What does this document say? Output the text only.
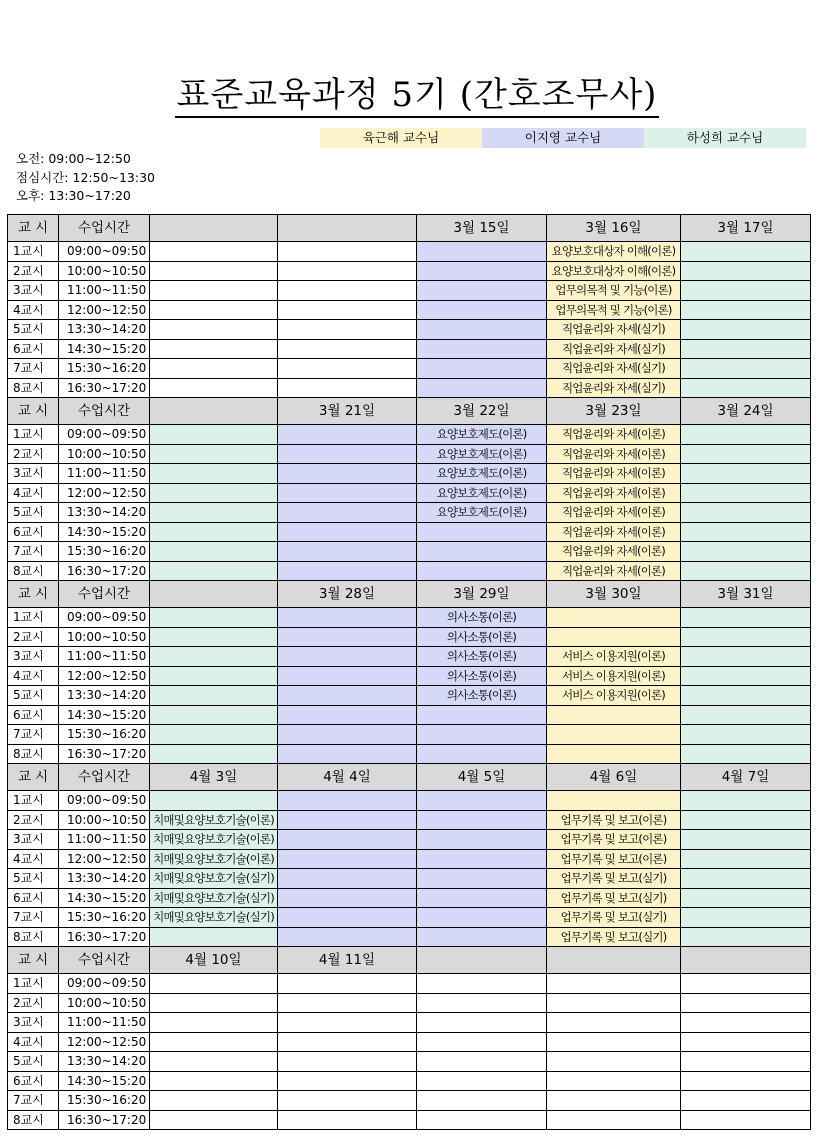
표준교육과정 5기 (간호조무사)
육근해 교수님	이지영 교수님	하성희 교수님
오전: 09:00~12:50
점심시간: 12:50~13:30
오후: 13:30~17:20
교 시	수업시간			3월 15일	3월 16일	3월 17일
1교시	09:00~09:50				요양보호대상자 이해(이론)	
2교시	10:00~10:50				요양보호대상자 이해(이론)	
3교시	11:00~11:50				업무의목적 및 기능(이론)	
4교시	12:00~12:50				업무의목적 및 기능(이론)	
5교시	13:30~14:20				직업윤리와 자세(실기)	
6교시	14:30~15:20				직업윤리와 자세(실기)	
7교시	15:30~16:20				직업윤리와 자세(실기)	
8교시	16:30~17:20				직업윤리와 자세(실기)	
교 시	수업시간		3월 21일	3월 22일	3월 23일	3월 24일
1교시	09:00~09:50			요양보호제도(이론)	직업윤리와 자세(이론)	
2교시	10:00~10:50			요양보호제도(이론)	직업윤리와 자세(이론)	
3교시	11:00~11:50			요양보호제도(이론)	직업윤리와 자세(이론)	
4교시	12:00~12:50			요양보호제도(이론)	직업윤리와 자세(이론)	
5교시	13:30~14:20			요양보호제도(이론)	직업윤리와 자세(이론)	
6교시	14:30~15:20				직업윤리와 자세(이론)	
7교시	15:30~16:20				직업윤리와 자세(이론)	
8교시	16:30~17:20				직업윤리와 자세(이론)	
교 시	수업시간		3월 28일	3월 29일	3월 30일	3월 31일
1교시	09:00~09:50			의사소통(이론)		
2교시	10:00~10:50			의사소통(이론)		
3교시	11:00~11:50			의사소통(이론)	서비스 이용지원(이론)	
4교시	12:00~12:50			의사소통(이론)	서비스 이용지원(이론)	
5교시	13:30~14:20			의사소통(이론)	서비스 이용지원(이론)	
6교시	14:30~15:20					
7교시	15:30~16:20					
8교시	16:30~17:20					
교 시	수업시간	4월 3일	4월 4일	4월 5일	4월 6일	4월 7일
1교시	09:00~09:50					
2교시	10:00~10:50	치매및요양보호기술(이론)			업무기록 및 보고(이론)	
3교시	11:00~11:50	치매및요양보호기술(이론)			업무기록 및 보고(이론)	
4교시	12:00~12:50	치매및요양보호기술(이론)			업무기록 및 보고(이론)	
5교시	13:30~14:20	치매및요양보호기술(실기)			업무기록 및 보고(실기)	
6교시	14:30~15:20	치매및요양보호기술(실기)			업무기록 및 보고(실기)	
7교시	15:30~16:20	치매및요양보호기술(실기)			업무기록 및 보고(실기)	
8교시	16:30~17:20				업무기록 및 보고(실기)	
교 시	수업시간	4월 10일	4월 11일			
1교시	09:00~09:50					
2교시	10:00~10:50					
3교시	11:00~11:50					
4교시	12:00~12:50					
5교시	13:30~14:20					
6교시	14:30~15:20					
7교시	15:30~16:20					
8교시	16:30~17:20					
